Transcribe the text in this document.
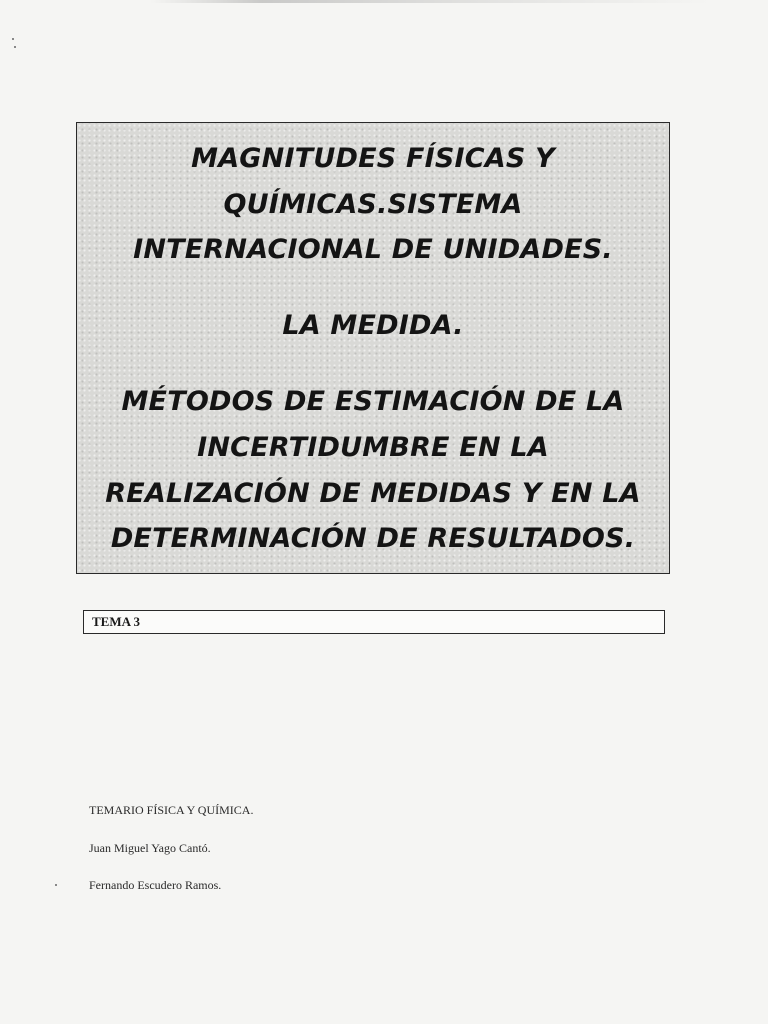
MAGNITUDES FÍSICAS Y
QUÍMICAS.SISTEMA
INTERNACIONAL DE UNIDADES.
LA MEDIDA.
MÉTODOS DE ESTIMACIÓN DE LA
INCERTIDUMBRE EN LA
REALIZACIÓN DE MEDIDAS Y EN LA
DETERMINACIÓN DE RESULTADOS.
TEMA 3
TEMARIO FÍSICA Y QUÍMICA.
Juan Miguel Yago Cantó.
Fernando Escudero Ramos.
